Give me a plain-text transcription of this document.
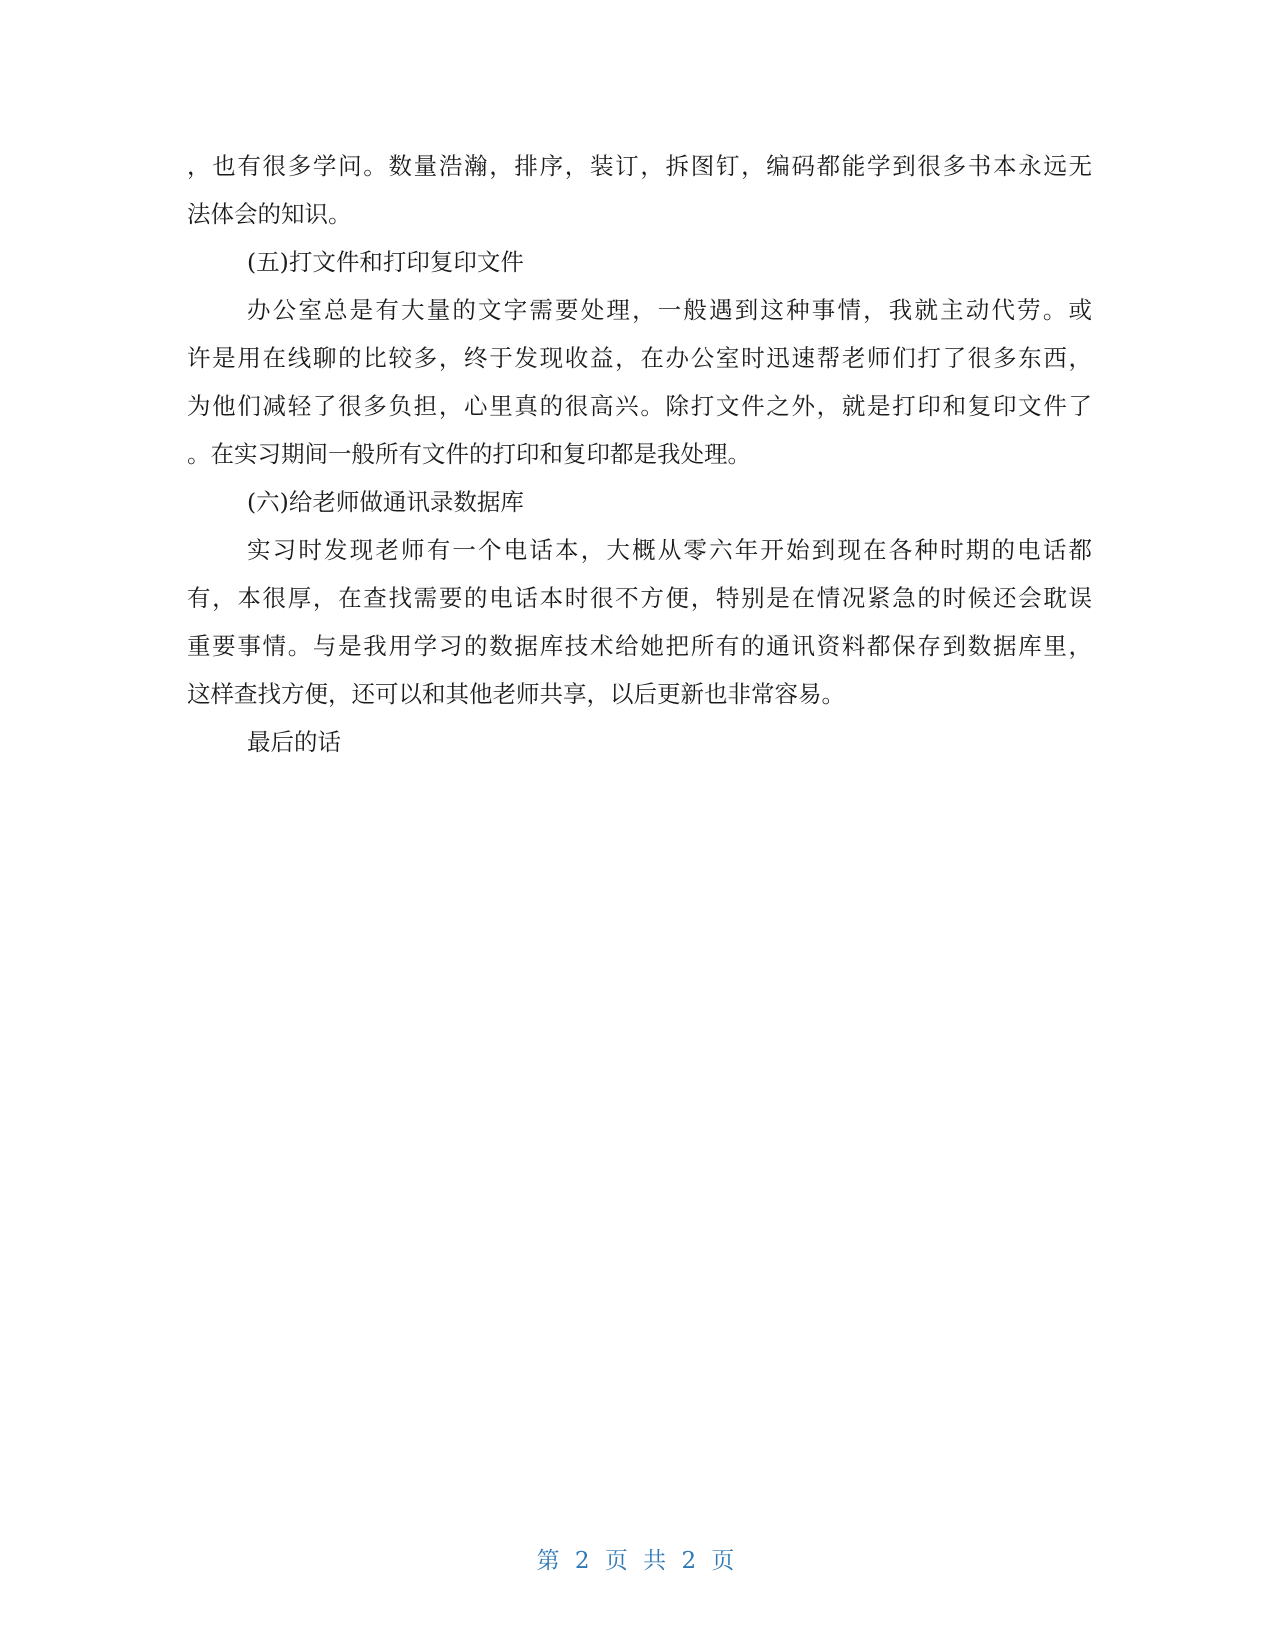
，也有很多学问。数量浩瀚，排序，装订，拆图钉，编码都能学到很多书本永远无
法体会的知识。
(五)打文件和打印复印文件
办公室总是有大量的文字需要处理，一般遇到这种事情，我就主动代劳。或
许是用在线聊的比较多，终于发现收益，在办公室时迅速帮老师们打了很多东西，
为他们减轻了很多负担，心里真的很高兴。除打文件之外，就是打印和复印文件了
。在实习期间一般所有文件的打印和复印都是我处理。
(六)给老师做通讯录数据库
实习时发现老师有一个电话本，大概从零六年开始到现在各种时期的电话都
有，本很厚，在查找需要的电话本时很不方便，特别是在情况紧急的时候还会耽误
重要事情。与是我用学习的数据库技术给她把所有的通讯资料都保存到数据库里，
这样查找方便，还可以和其他老师共享，以后更新也非常容易。
最后的话
第 2 页 共 2 页
